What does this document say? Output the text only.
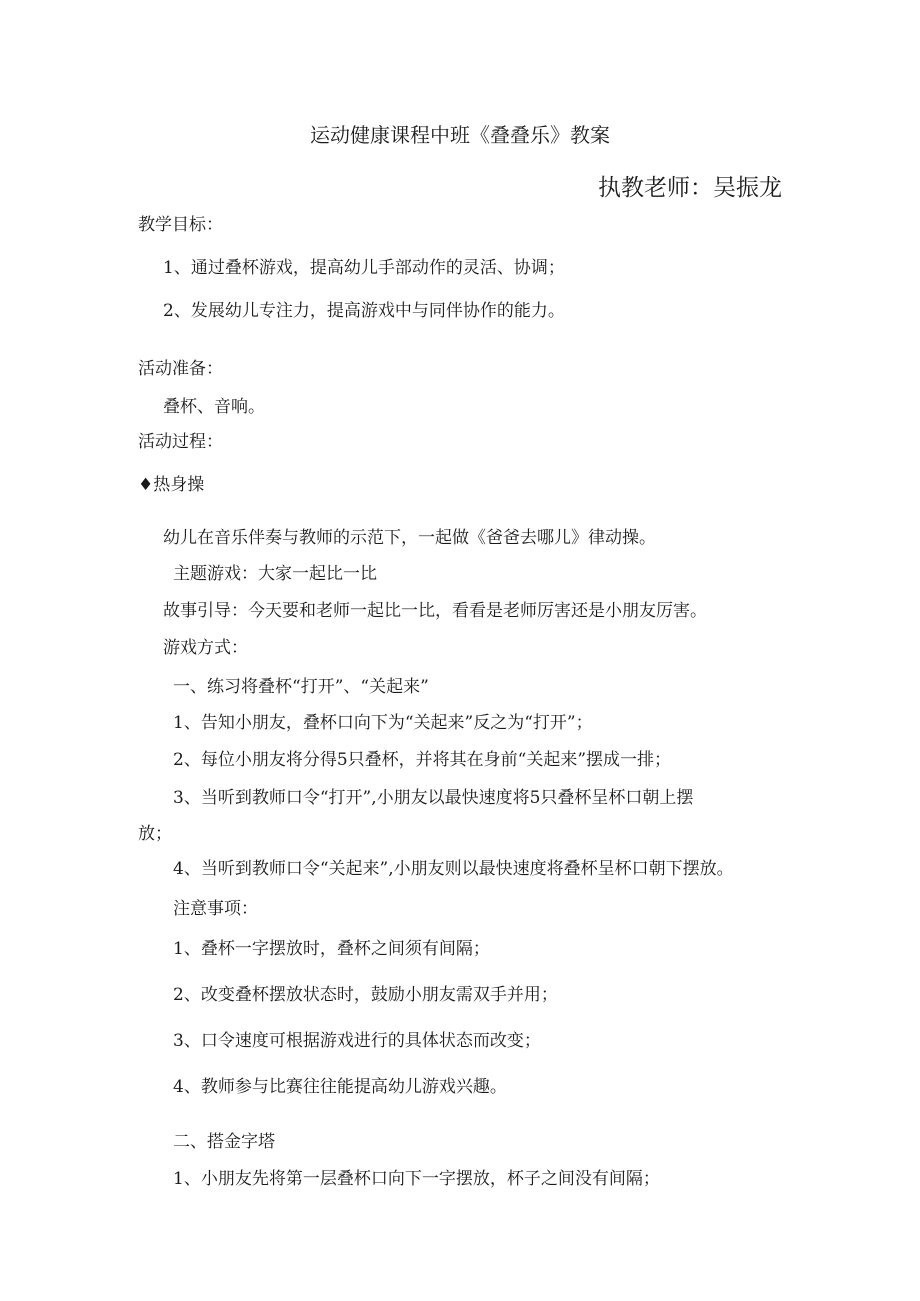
运动健康课程中班《叠叠乐》教案
执教老师：吴振龙
教学目标：
1、通过叠杯游戏，提高幼儿手部动作的灵活、协调；
2、发展幼儿专注力，提高游戏中与同伴协作的能力。
活动准备：
叠杯、音响。
活动过程：
♦热身操
幼儿在音乐伴奏与教师的示范下，一起做《爸爸去哪儿》律动操。
主题游戏：大家一起比一比
故事引导：今天要和老师一起比一比，看看是老师厉害还是小朋友厉害。
游戏方式：
一、练习将叠杯“打开”、“关起来”
1、告知小朋友，叠杯口向下为“关起来”反之为“打开”；
2、每位小朋友将分得5只叠杯，并将其在身前“关起来”摆成一排；
3、当听到教师口令“打开”,小朋友以最快速度将5只叠杯呈杯口朝上摆
放；
4、当听到教师口令“关起来”,小朋友则以最快速度将叠杯呈杯口朝下摆放。
注意事项：
1、叠杯一字摆放时，叠杯之间须有间隔；
2、改变叠杯摆放状态时，鼓励小朋友需双手并用；
3、口令速度可根据游戏进行的具体状态而改变；
4、教师参与比赛往往能提高幼儿游戏兴趣。
二、搭金字塔
1、小朋友先将第一层叠杯口向下一字摆放，杯子之间没有间隔；
